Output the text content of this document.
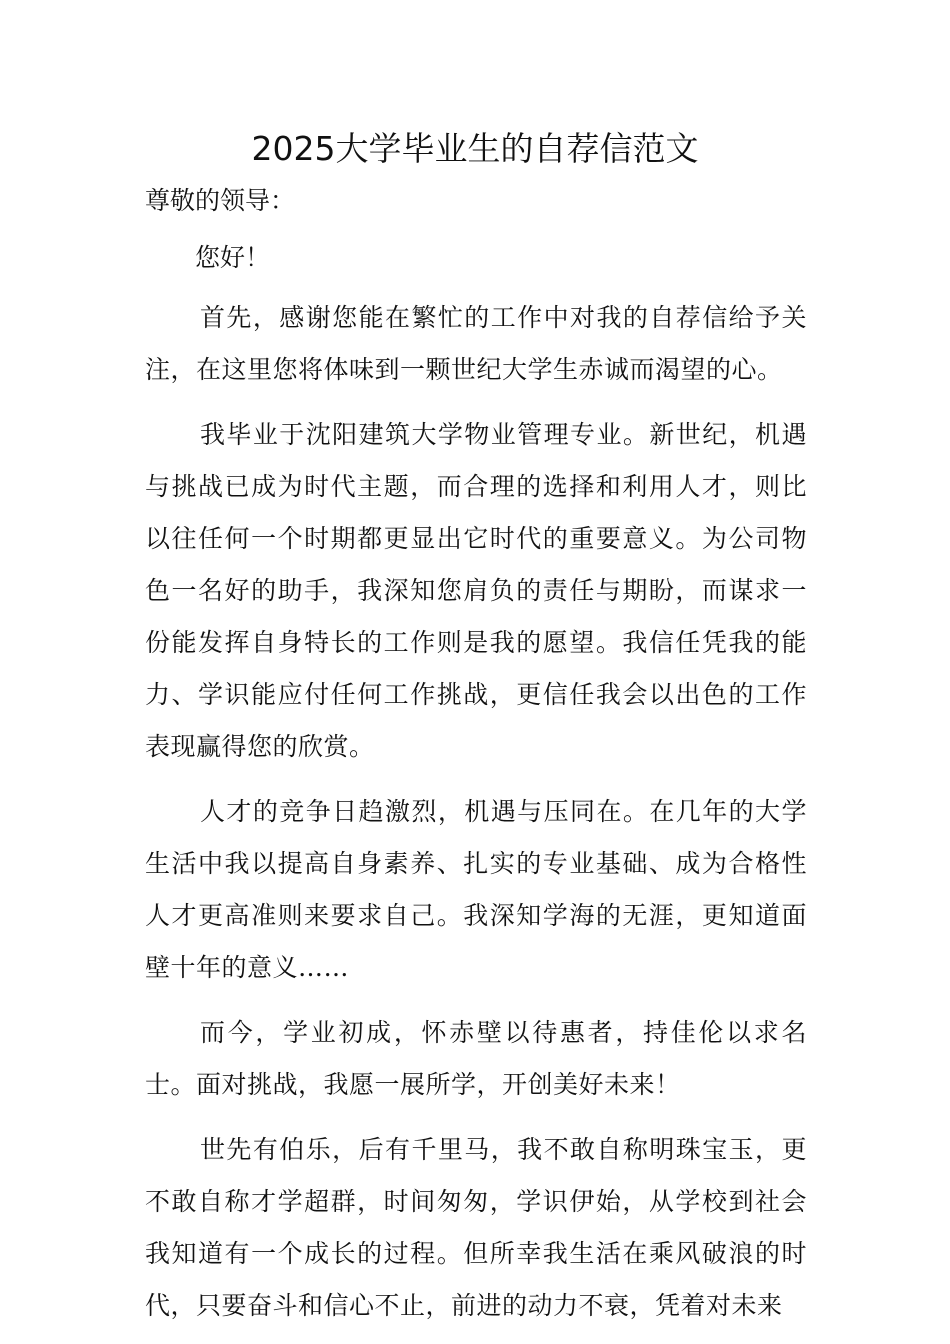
2025大学毕业生的自荐信范文

尊敬的领导：

您好！

首先，感谢您能在繁忙的工作中对我的自荐信给予关注，在这里您将体味到一颗世纪大学生赤诚而渴望的心。

我毕业于沈阳建筑大学物业管理专业。新世纪，机遇与挑战已成为时代主题，而合理的选择和利用人才，则比以往任何一个时期都更显出它时代的重要意义。为公司物色一名好的助手，我深知您肩负的责任与期盼，而谋求一份能发挥自身特长的工作则是我的愿望。我信任凭我的能力、学识能应付任何工作挑战，更信任我会以出色的工作表现赢得您的欣赏。

人才的竞争日趋激烈，机遇与压同在。在几年的大学生活中我以提高自身素养、扎实的专业基础、成为合格性人才更高准则来要求自己。我深知学海的无涯，更知道面壁十年的意义……

而今，学业初成，怀赤壁以待惠者，持佳伦以求名士。面对挑战，我愿一展所学，开创美好未来！

世先有伯乐，后有千里马，我不敢自称明珠宝玉，更不敢自称才学超群，时间匆匆，学识伊始，从学校到社会我知道有一个成长的过程。但所幸我生活在乘风破浪的时代，只要奋斗和信心不止，前进的动力不衰，凭着对未来
